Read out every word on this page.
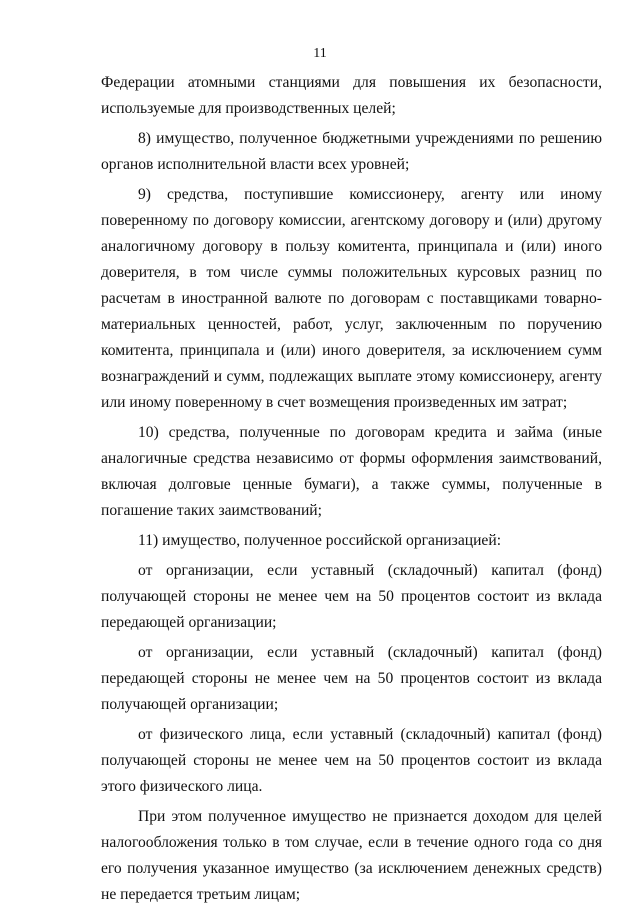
11

Федерации атомными станциями для повышения их безопасности, используемые для производственных целей;

8) имущество, полученное бюджетными учреждениями по решению органов исполнительной власти всех уровней;

9) средства, поступившие комиссионеру, агенту или иному поверенному по договору комиссии, агентскому договору и (или) другому аналогичному договору в пользу комитента, принципала и (или) иного доверителя, в том числе суммы положительных курсовых разниц по расчетам в иностранной валюте по договорам с поставщиками товарно-материальных ценностей, работ, услуг, заключенным по поручению комитента, принципала и (или) иного доверителя, за исключением сумм вознаграждений и сумм, подлежащих выплате этому комиссионеру, агенту или иному поверенному в счет возмещения произведенных им затрат;

10) средства, полученные по договорам кредита и займа (иные аналогичные средства независимо от формы оформления заимствований, включая долговые ценные бумаги), а также суммы, полученные в погашение таких заимствований;

11) имущество, полученное российской организацией:

от организации, если уставный (складочный) капитал (фонд) получающей стороны не менее чем на 50 процентов состоит из вклада передающей организации;

от организации, если уставный (складочный) капитал (фонд) передающей стороны не менее чем на 50 процентов состоит из вклада получающей организации;

от физического лица, если уставный (складочный) капитал (фонд) получающей стороны не менее чем на 50 процентов состоит из вклада этого физического лица.

При этом полученное имущество не признается доходом для целей налогообложения только в том случае, если в течение одного года со дня его получения указанное имущество (за исключением денежных средств) не передается третьим лицам;
